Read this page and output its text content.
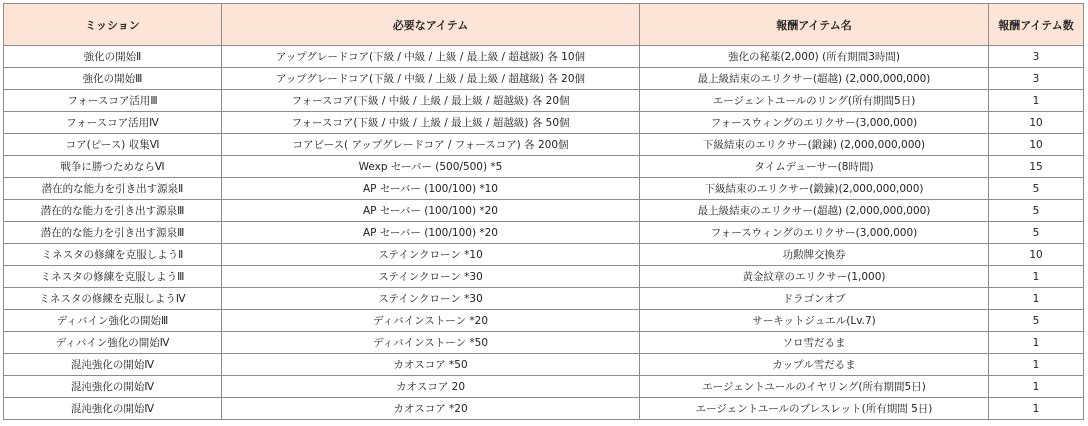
ミッション	必要なアイテム	報酬アイテム名	報酬アイテム数
強化の開始Ⅱ	アップグレードコア(下級 / 中級 / 上級 / 最上級 / 超越級) 各 10個	強化の秘薬(2,000) (所有期間3時間)	3
強化の開始Ⅲ	アップグレードコア(下級 / 中級 / 上級 / 最上級 / 超越級) 各 20個	最上級結束のエリクサー(超越) (2,000,000,000)	3
フォースコア活用Ⅲ	フォースコア(下級 / 中級 / 上級 / 最上級 / 超越級) 各 20個	エージェントユールのリング(所有期間5日)	1
フォースコア活用Ⅳ	フォースコア(下級 / 中級 / 上級 / 最上級 / 超越級) 各 50個	フォースウィングのエリクサー(3,000,000)	10
コア(ピース) 収集Ⅵ	コアピース( アップグレードコア / フォースコア) 各 200個	下級結束のエリクサー(鍛錬) (2,000,000,000)	10
戦争に勝つためならⅥ	Wexp セーバー (500/500) *5	タイムデューサー(8時間)	15
潜在的な能力を引き出す源泉Ⅱ	AP セーバー (100/100) *10	下級結束のエリクサー(鍛錬)(2,000,000,000)	5
潜在的な能力を引き出す源泉Ⅲ	AP セーバー (100/100) *20	最上級結束のエリクサー(超越) (2,000,000,000)	5
潜在的な能力を引き出す源泉Ⅲ	AP セーバー (100/100) *20	フォースウィングのエリクサー(3,000,000)	5
ミネスタの修練を克服しようⅡ	ステインクローン *10	功勲牌交換券	10
ミネスタの修練を克服しようⅢ	ステインクローン *30	黄金紋章のエリクサー(1,000)	1
ミネスタの修練を克服しようⅣ	ステインクローン *30	ドラゴンオブ	1
ディバイン強化の開始Ⅲ	ディバインストーン *20	サーキットジュエル(Lv.7)	5
ディバイン強化の開始Ⅳ	ディバインストーン *50	ソロ雪だるま	1
混沌強化の開始Ⅳ	カオスコア *50	カップル雪だるま	1
混沌強化の開始Ⅳ	カオスコア 20	エージェントユールのイヤリング(所有期間5日)	1
混沌強化の開始Ⅳ	カオスコア *20	エージェントユールのブレスレット(所有期間 5日)	1
